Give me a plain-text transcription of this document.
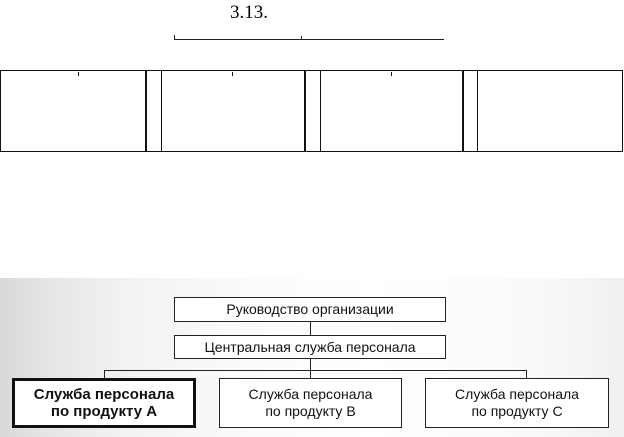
3.13.
Руководство организации
Центральная служба персонала
Служба персонала
по продукту А
Служба персонала
по продукту В
Служба персонала
по продукту С
